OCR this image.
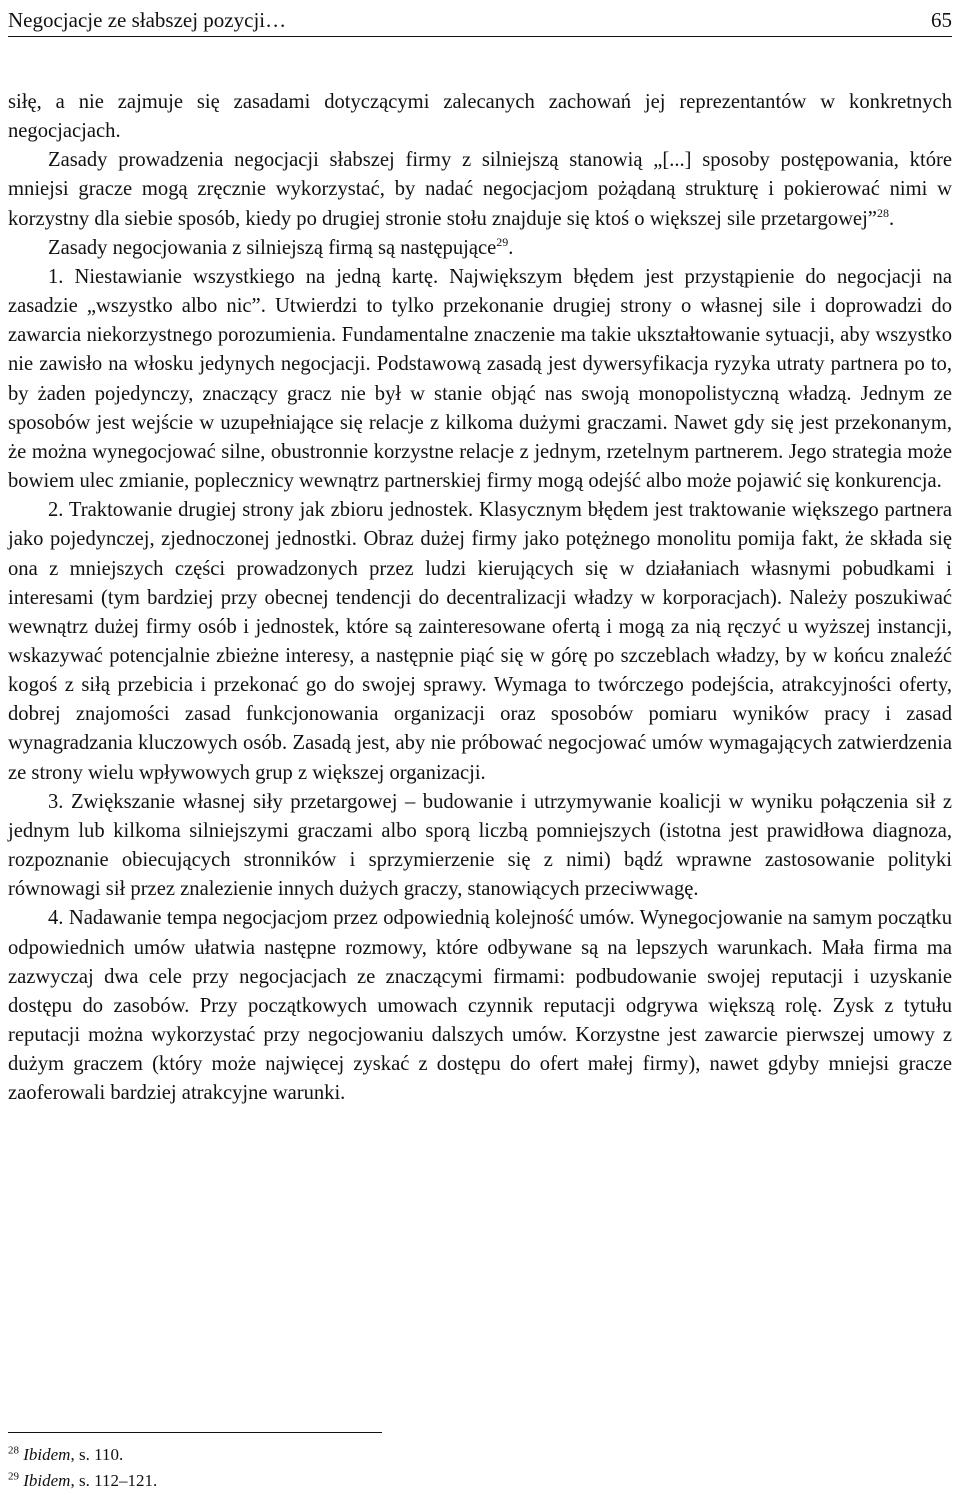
Negocjacje ze słabszej pozycji…	65

siłę, a nie zajmuje się zasadami dotyczącymi zalecanych zachowań jej reprezentantów w konkretnych negocjacjach.

Zasady prowadzenia negocjacji słabszej firmy z silniejszą stanowią „[...] sposoby postępowania, które mniejsi gracze mogą zręcznie wykorzystać, by nadać negocjacjom pożądaną strukturę i pokierować nimi w korzystny dla siebie sposób, kiedy po drugiej stronie stołu znajduje się ktoś o większej sile przetargowej”$^{28}$.

Zasady negocjowania z silniejszą firmą są następujące$^{29}$.

1. Niestawianie wszystkiego na jedną kartę. Największym błędem jest przystąpienie do negocjacji na zasadzie „wszystko albo nic”. Utwierdzi to tylko przekonanie drugiej strony o własnej sile i doprowadzi do zawarcia niekorzystnego porozumienia. Fundamentalne znaczenie ma takie ukształtowanie sytuacji, aby wszystko nie zawisło na włosku jedynych negocjacji. Podstawową zasadą jest dywersyfikacja ryzyka utraty partnera po to, by żaden pojedynczy, znaczący gracz nie był w stanie objąć nas swoją monopolistyczną władzą. Jednym ze sposobów jest wejście w uzupełniające się relacje z kilkoma dużymi graczami. Nawet gdy się jest przekonanym, że można wynegocjować silne, obustronnie korzystne relacje z jednym, rzetelnym partnerem. Jego strategia może bowiem ulec zmianie, poplecznicy wewnątrz partnerskiej firmy mogą odejść albo może pojawić się konkurencja.

2. Traktowanie drugiej strony jak zbioru jednostek. Klasycznym błędem jest traktowanie większego partnera jako pojedynczej, zjednoczonej jednostki. Obraz dużej firmy jako potężnego monolitu pomija fakt, że składa się ona z mniejszych części prowadzonych przez ludzi kierujących się w działaniach własnymi pobudkami i interesami (tym bardziej przy obecnej tendencji do decentralizacji władzy w korporacjach). Należy poszukiwać wewnątrz dużej firmy osób i jednostek, które są zainteresowane ofertą i mogą za nią ręczyć u wyższej instancji, wskazywać potencjalnie zbieżne interesy, a następnie piąć się w górę po szczeblach władzy, by w końcu znaleźć kogoś z siłą przebicia i przekonać go do swojej sprawy. Wymaga to twórczego podejścia, atrakcyjności oferty, dobrej znajomości zasad funkcjonowania organizacji oraz sposobów pomiaru wyników pracy i zasad wynagradzania kluczowych osób. Zasadą jest, aby nie próbować negocjować umów wymagających zatwierdzenia ze strony wielu wpływowych grup z większej organizacji.

3. Zwiększanie własnej siły przetargowej – budowanie i utrzymywanie koalicji w wyniku połączenia sił z jednym lub kilkoma silniejszymi graczami albo sporą liczbą pomniejszych (istotna jest prawidłowa diagnoza, rozpoznanie obiecujących stronników i sprzymierzenie się z nimi) bądź wprawne zastosowanie polityki równowagi sił przez znalezienie innych dużych graczy, stanowiących przeciwwagę.

4. Nadawanie tempa negocjacjom przez odpowiednią kolejność umów. Wynegocjowanie na samym początku odpowiednich umów ułatwia następne rozmowy, które odbywane są na lepszych warunkach. Mała firma ma zazwyczaj dwa cele przy negocjacjach ze znaczącymi firmami: podbudowanie swojej reputacji i uzyskanie dostępu do zasobów. Przy początkowych umowach czynnik reputacji odgrywa większą rolę. Zysk z tytułu reputacji można wykorzystać przy negocjowaniu dalszych umów. Korzystne jest zawarcie pierwszej umowy z dużym graczem (który może najwięcej zyskać z dostępu do ofert małej firmy), nawet gdyby mniejsi gracze zaoferowali bardziej atrakcyjne warunki.

$^{28}$ Ibidem, s. 110.
$^{29}$ Ibidem, s. 112–121.
